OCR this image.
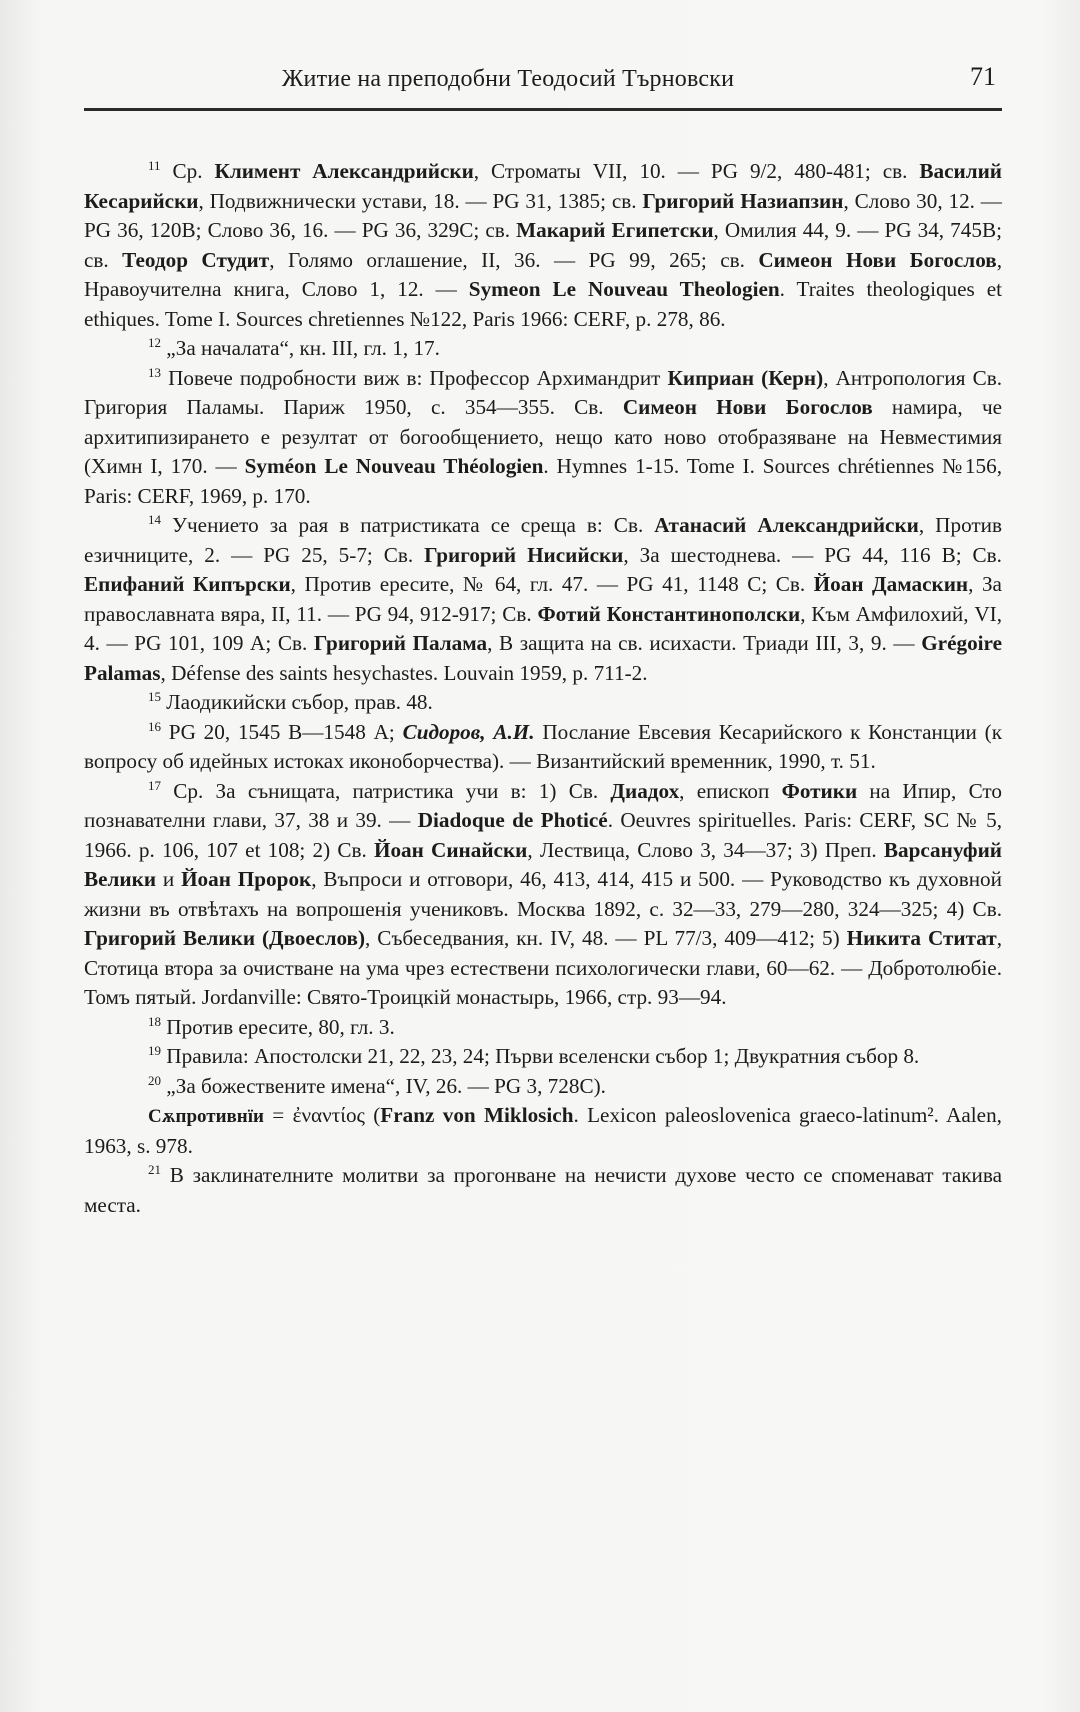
Житие на преподобни Теодосий Търновски	71

$^{11}$ Ср. Климент Александрийски, Строматы VII, 10. — PG 9/2, 480-481; св. Василий Кесарийски, Подвижнически устави, 18. — PG 31, 1385; св. Григорий Назиапзин, Слово 30, 12. — PG 36, 120В; Слово 36, 16. — PG 36, 329С; св. Макарий Египетски, Омилия 44, 9. — PG 34, 745В; св. Теодор Студит, Голямо оглашение, II, 36. — PG 99, 265; св. Симеон Нови Богослов, Нравоучителна книга, Слово 1, 12. — Symeon Le Nouveau Theologien. Traites theologiques et ethiques. Tome I. Sources chretiennes №122, Paris 1966: CERF, p. 278, 86.

$^{12}$ „За началата“, кн. III, гл. 1, 17.

$^{13}$ Повече подробности виж в: Профессор Архимандрит Киприан (Керн), Антропология Св. Григория Паламы. Париж 1950, с. 354—355. Св. Симеон Нови Богослов намира, че архитипизирането е резултат от богообщението, нещо като ново отобразяване на Невместимия (Химн I, 170. — Syméon Le Nouveau Théologien. Hymnes 1-15. Tome I. Sources chrétiennes №156, Paris: CERF, 1969, p. 170.

$^{14}$ Учението за рая в патристиката се среща в: Св. Атанасий Александрийски, Против езичниците, 2. — PG 25, 5-7; Св. Григорий Нисийски, За шестоднева. — PG 44, 116 В; Св. Епифаний Кипърски, Против ересите, № 64, гл. 47. — PG 41, 1148 С; Св. Йоан Дамаскин, За православната вяра, II, 11. — PG 94, 912-917; Св. Фотий Константинополски, Към Амфилохий, VI, 4. — PG 101, 109 А; Св. Григорий Палама, В защита на св. исихасти. Триади III, 3, 9. — Grégoire Palamas, Défense des saints hesychastes. Louvain 1959, p. 711-2.

$^{15}$ Лаодикийски събор, прав. 48.

$^{16}$ PG 20, 1545 В—1548 А; Сидоров, А.И. Послание Евсевия Кесарийского к Констанции (к вопросу об идейных истоках иконоборчества). — Византийский временник, 1990, т. 51.

$^{17}$ Ср. За сънищата, патристика учи в: 1) Св. Диадох, епископ Фотики на Ипир, Сто познавателни глави, 37, 38 и 39. — Diadoque de Photicé. Oeuvres spirituelles. Paris: CERF, SC № 5, 1966. p. 106, 107 et 108; 2) Св. Йоан Синайски, Лествица, Слово 3, 34—37; 3) Преп. Варсануфий Велики и Йоан Пророк, Въпроси и отговори, 46, 413, 414, 415 и 500. — Руководство къ духовной жизни въ отвѣтахъ на вопрошенія учениковъ. Москва 1892, с. 32—33, 279—280, 324—325; 4) Св. Григорий Велики (Двоеслов), Събеседвания, кн. IV, 48. — PL 77/3, 409—412; 5) Никита Ститат, Стотица втора за очистване на ума чрез естествени психологически глави, 60—62. — Добротолюбіе. Томъ пятый. Jordanville: Свято-Троицкій монастырь, 1966, стр. 93—94.

$^{18}$ Против ересите, 80, гл. 3.

$^{19}$ Правила: Апостолски 21, 22, 23, 24; Първи вселенски събор 1; Двукратния събор 8.

$^{20}$ „За божествените имена“, IV, 26. — PG 3, 728С).

Сѫпротивнїи = ἐναντίος (Franz von Miklosich. Lexicon paleoslovenica graeco-latinum². Aalen, 1963, s. 978.

$^{21}$ В заклинателните молитви за прогонване на нечисти духове често се споменават такива места.
